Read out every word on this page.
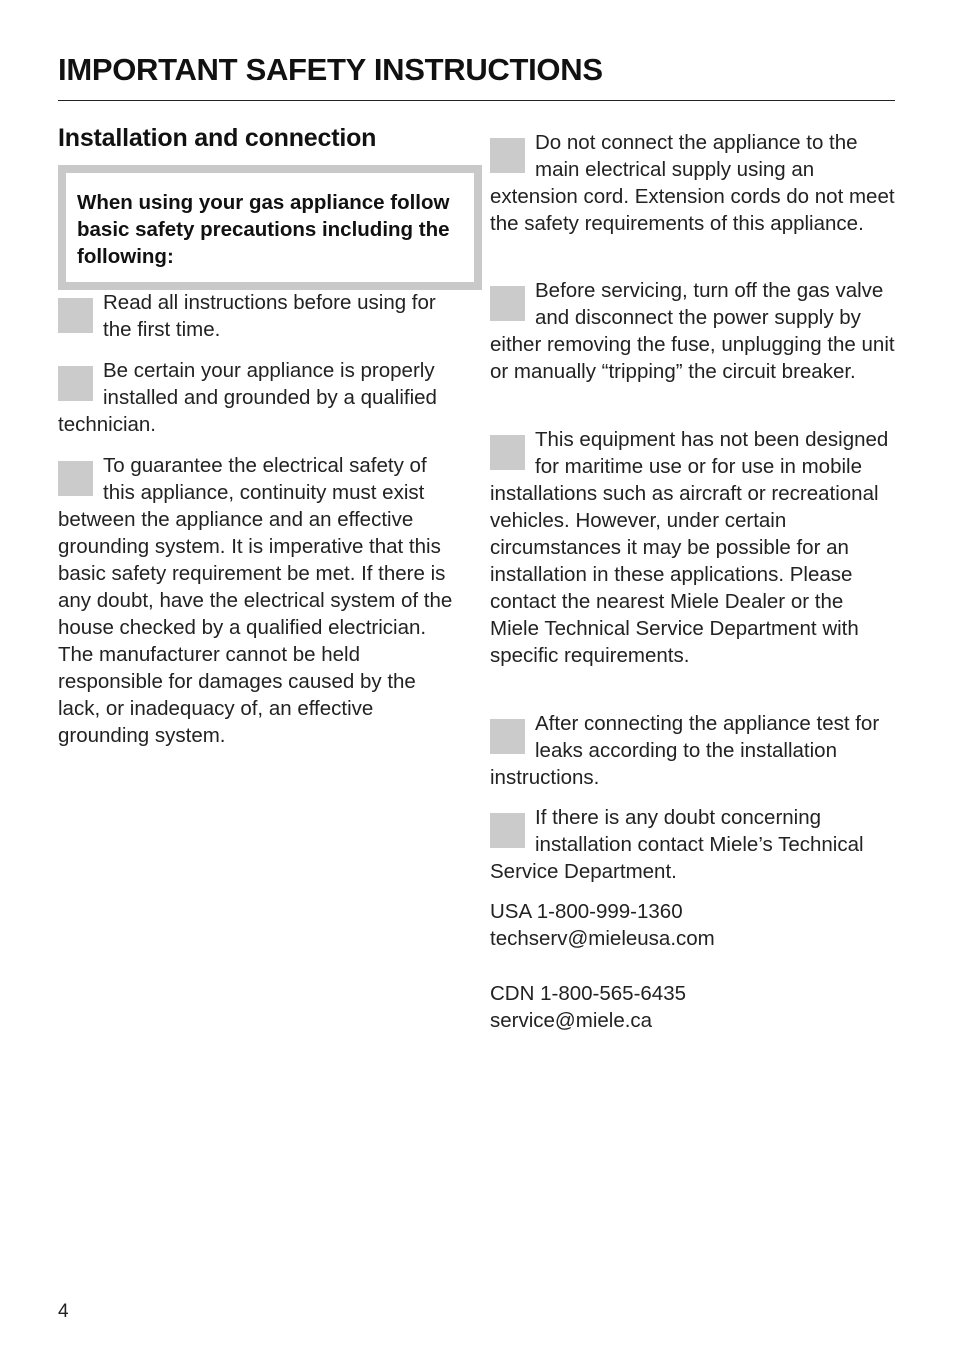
IMPORTANT SAFETY INSTRUCTIONS
Installation and connection
When using your gas appliance follow basic safety precautions including the following:
Read all instructions before using for the first time.
Be certain your appliance is properly installed and grounded by a qualified technician.
To guarantee the electrical safety of this appliance, continuity must exist between the appliance and an effective grounding system. It is imperative that this basic safety requirement be met. If there is any doubt, have the electrical system of the house checked by a qualified electrician. The manufacturer cannot be held responsible for damages caused by the lack, or inadequacy of, an effective grounding system.
Do not connect the appliance to the main electrical supply using an extension cord. Extension cords do not meet the safety requirements of this appliance.
Before servicing, turn off the gas valve and disconnect the power supply by either removing the fuse, unplugging the unit or manually “tripping” the circuit breaker.
This equipment has not been designed for maritime use or for use in mobile installations such as aircraft or recreational vehicles. However, under certain circumstances it may be possible for an installation in these applications. Please contact the nearest Miele Dealer or the Miele Technical Service Department with specific requirements.
After connecting the appliance test for leaks according to the installation instructions.
If there is any doubt concerning installation contact Miele’s Technical Service Department.
USA 1-800-999-1360
techserv@mieleusa.com
CDN 1-800-565-6435
service@miele.ca
4
